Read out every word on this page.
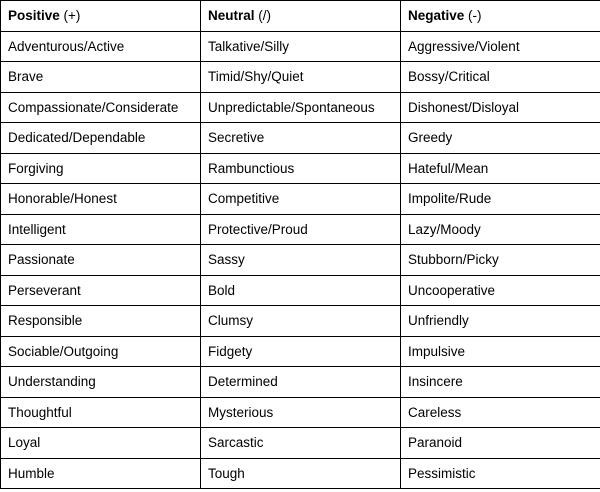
Positive (+)	Neutral (/)	Negative (-)
Adventurous/Active	Talkative/Silly	Aggressive/Violent
Brave	Timid/Shy/Quiet	Bossy/Critical
Compassionate/Considerate	Unpredictable/Spontaneous	Dishonest/Disloyal
Dedicated/Dependable	Secretive	Greedy
Forgiving	Rambunctious	Hateful/Mean
Honorable/Honest	Competitive	Impolite/Rude
Intelligent	Protective/Proud	Lazy/Moody
Passionate	Sassy	Stubborn/Picky
Perseverant	Bold	Uncooperative
Responsible	Clumsy	Unfriendly
Sociable/Outgoing	Fidgety	Impulsive
Understanding	Determined	Insincere
Thoughtful	Mysterious	Careless
Loyal	Sarcastic	Paranoid
Humble	Tough	Pessimistic
